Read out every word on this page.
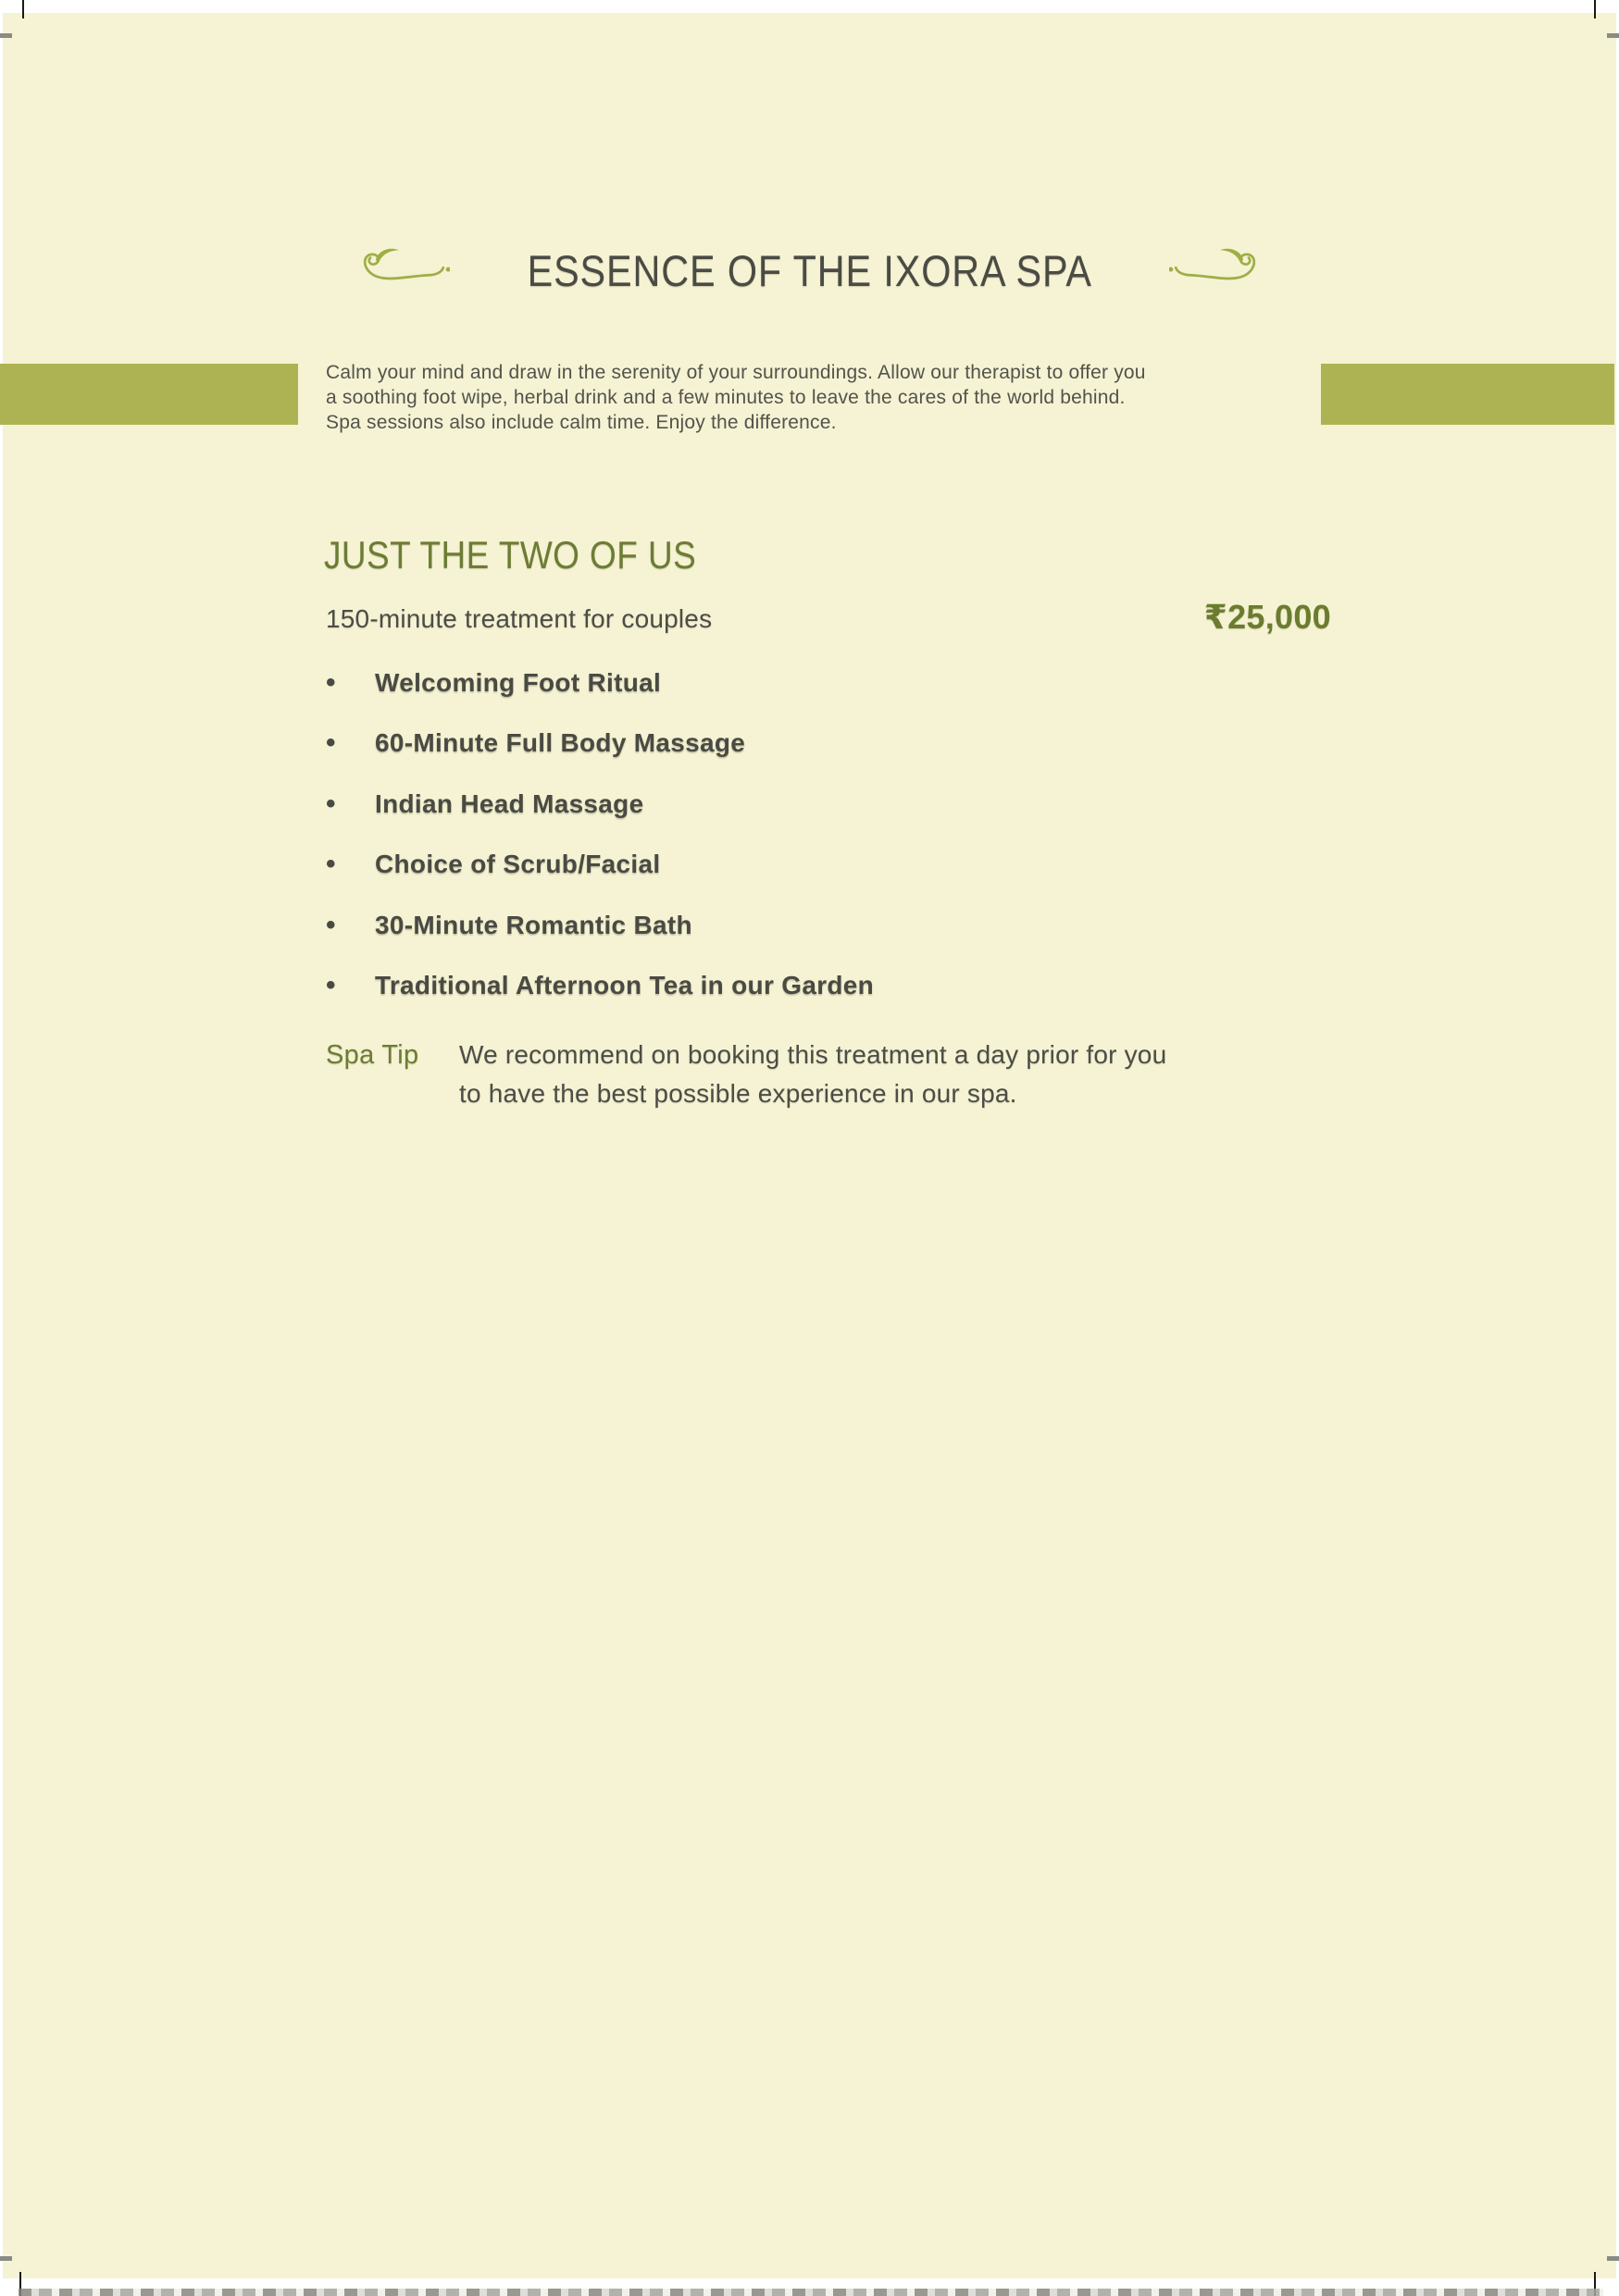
ESSENCE OF THE IXORA SPA
Calm your mind and draw in the serenity of your surroundings. Allow our therapist to offer you
a soothing foot wipe, herbal drink and a few minutes to leave the cares of the world behind.
Spa sessions also include calm time. Enjoy the difference.
JUST THE TWO OF US
150-minute treatment for couples	₹25,000
•	Welcoming Foot Ritual
•	60-Minute Full Body Massage
•	Indian Head Massage
•	Choice of Scrub/Facial
•	30-Minute Romantic Bath
•	Traditional Afternoon Tea in our Garden
Spa Tip We recommend on booking this treatment a day prior for you
to have the best possible experience in our spa.
